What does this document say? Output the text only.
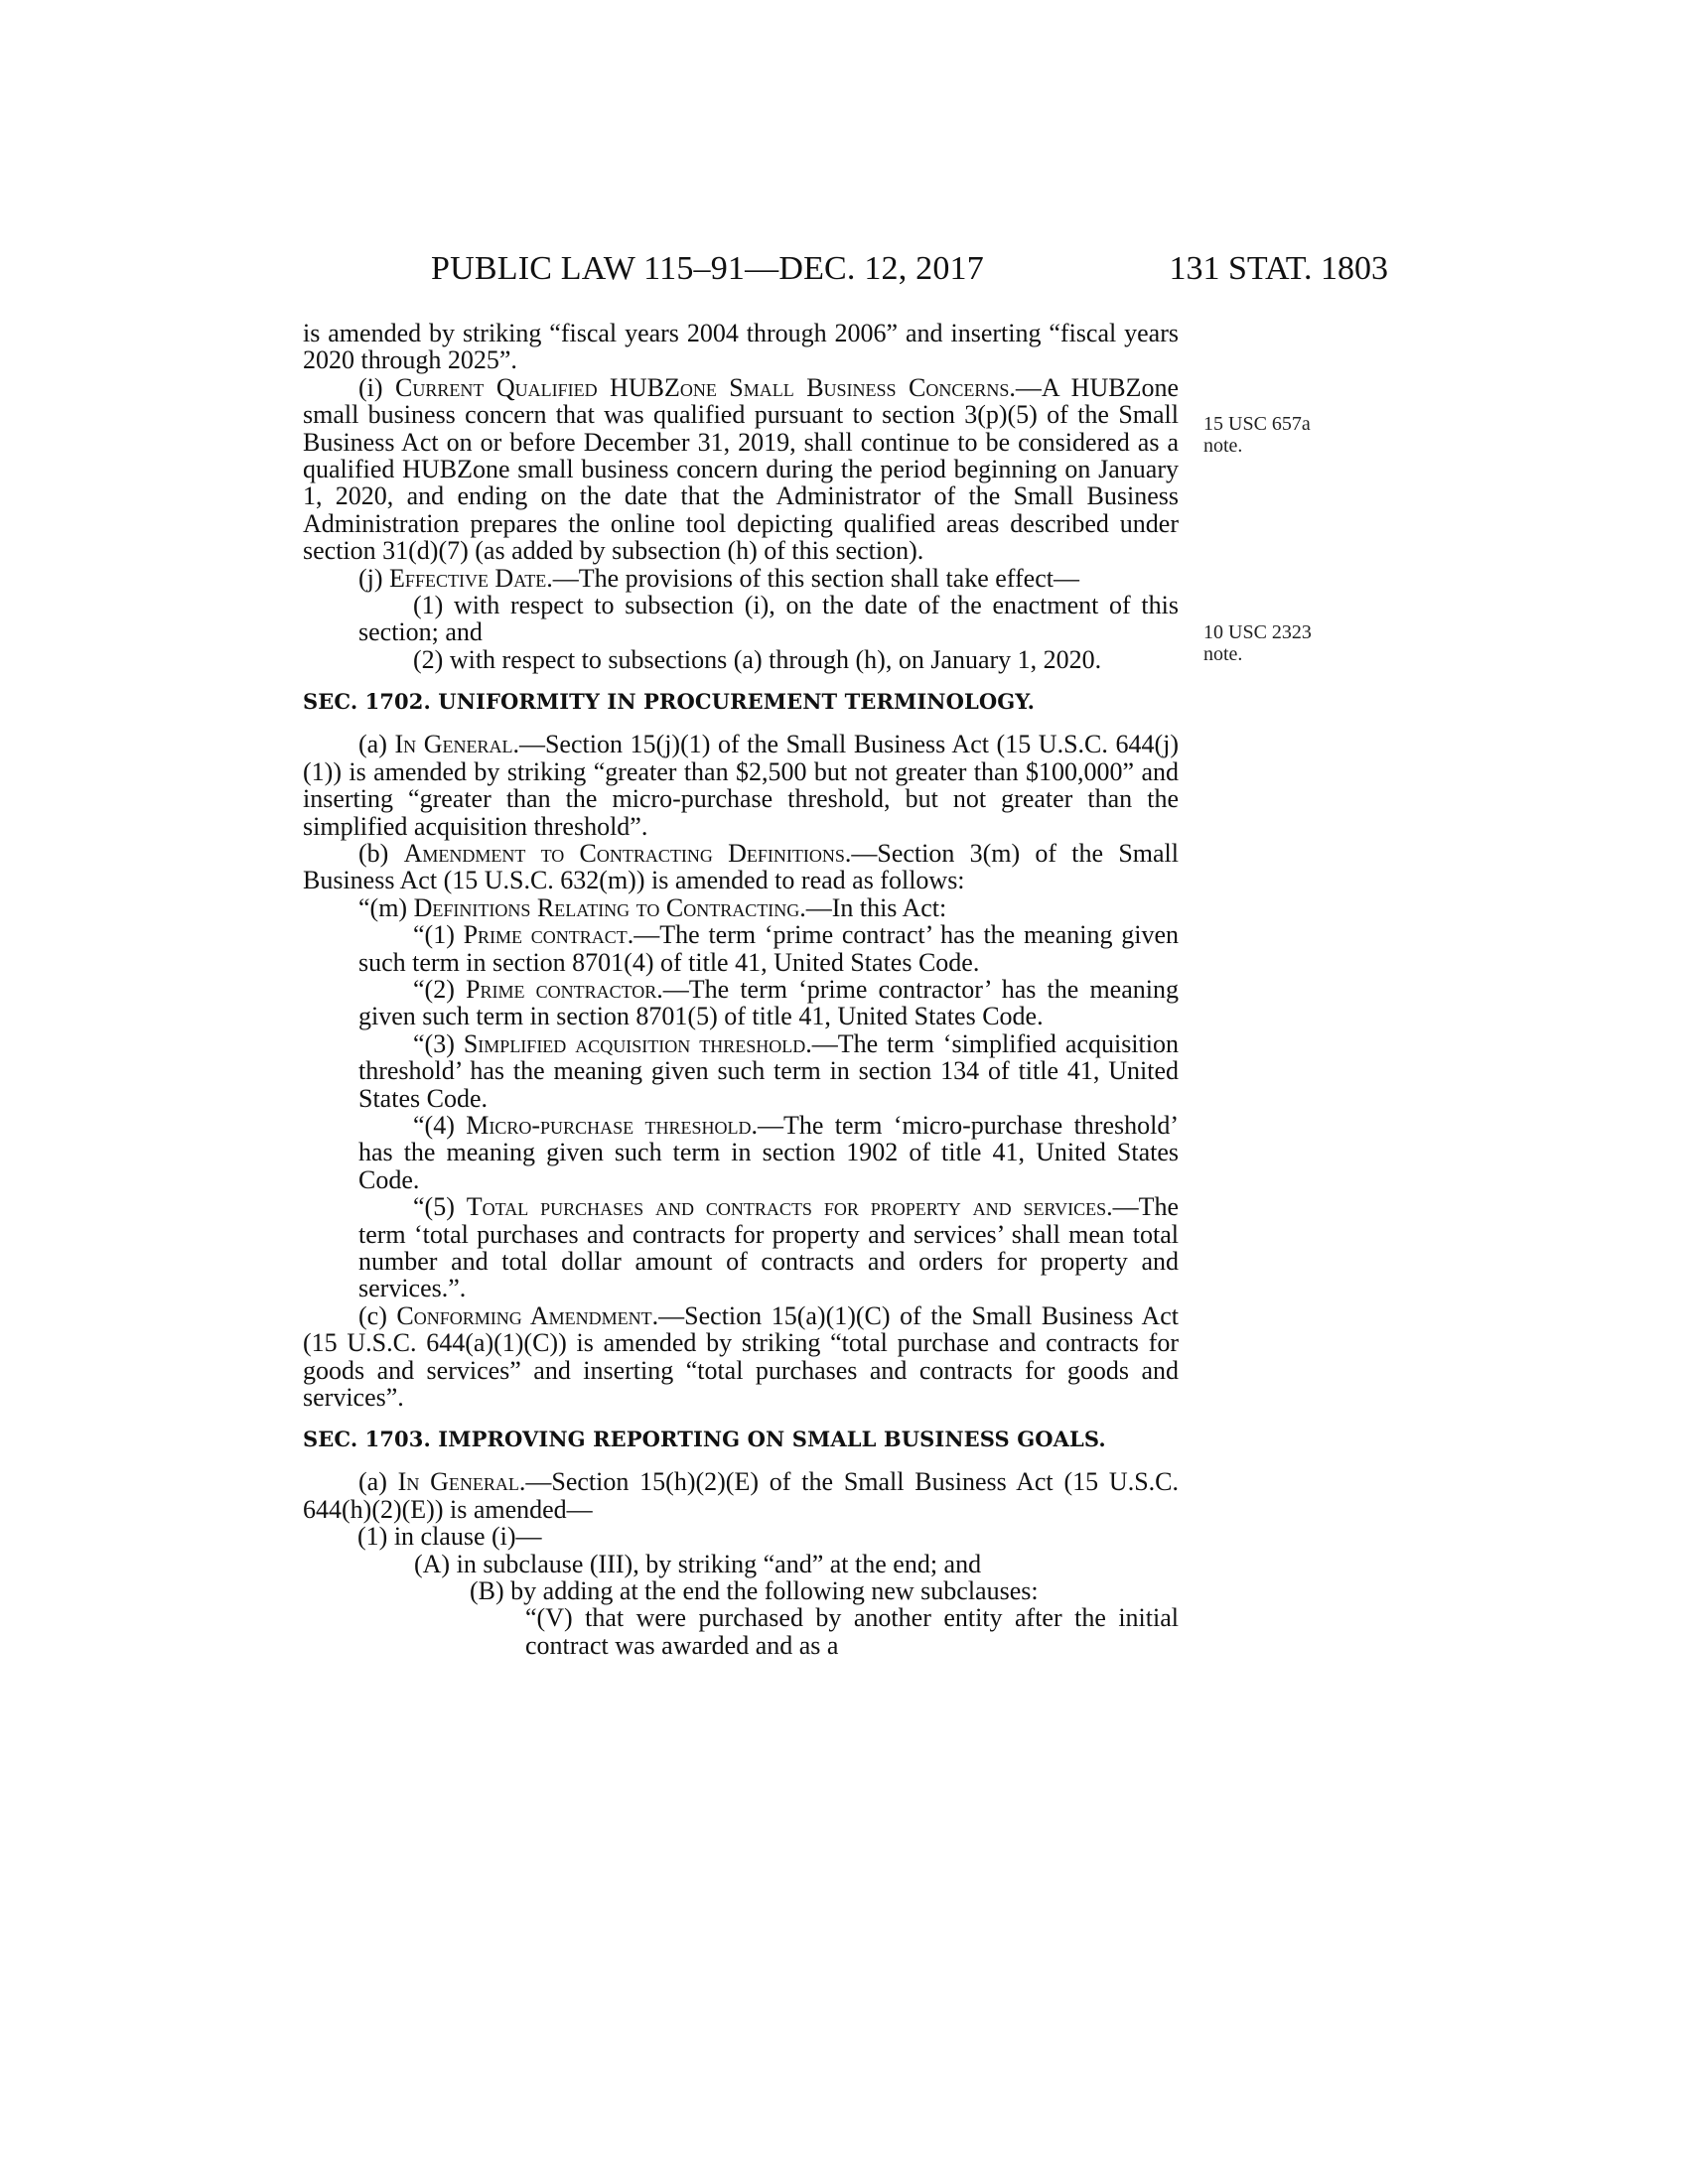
PUBLIC LAW 115–91—DEC. 12, 2017	131 STAT. 1803
15 USC 657a
note.
10 USC 2323
note.

is amended by striking “fiscal years 2004 through 2006” and inserting “fiscal years 2020 through 2025”.

(i) Current Qualified HUBZone Small Business Concerns.—A HUBZone small business concern that was qualified pursuant to section 3(p)(5) of the Small Business Act on or before December 31, 2019, shall continue to be considered as a qualified HUBZone small business concern during the period beginning on January 1, 2020, and ending on the date that the Administrator of the Small Business Administration prepares the online tool depicting qualified areas described under section 31(d)(7) (as added by subsection (h) of this section).

(j) Effective Date.—The provisions of this section shall take effect—

(1) with respect to subsection (i), on the date of the enactment of this section; and

(2) with respect to subsections (a) through (h), on January 1, 2020.

SEC. 1702. UNIFORMITY IN PROCUREMENT TERMINOLOGY.

(a) In General.—Section 15(j)(1) of the Small Business Act (15 U.S.C. 644(j)(1)) is amended by striking “greater than $2,500 but not greater than $100,000” and inserting “greater than the micro-purchase threshold, but not greater than the simplified acquisition threshold”.

(b) Amendment to Contracting Definitions.—Section 3(m) of the Small Business Act (15 U.S.C. 632(m)) is amended to read as follows:

“(m) Definitions Relating to Contracting.—In this Act:

“(1) Prime contract.—The term ‘prime contract’ has the meaning given such term in section 8701(4) of title 41, United States Code.

“(2) Prime contractor.—The term ‘prime contractor’ has the meaning given such term in section 8701(5) of title 41, United States Code.

“(3) Simplified acquisition threshold.—The term ‘simplified acquisition threshold’ has the meaning given such term in section 134 of title 41, United States Code.

“(4) Micro-purchase threshold.—The term ‘micro-purchase threshold’ has the meaning given such term in section 1902 of title 41, United States Code.

“(5) Total purchases and contracts for property and services.—The term ‘total purchases and contracts for property and services’ shall mean total number and total dollar amount of contracts and orders for property and services.”.

(c) Conforming Amendment.—Section 15(a)(1)(C) of the Small Business Act (15 U.S.C. 644(a)(1)(C)) is amended by striking “total purchase and contracts for goods and services” and inserting “total purchases and contracts for goods and services”.

SEC. 1703. IMPROVING REPORTING ON SMALL BUSINESS GOALS.

(a) In General.—Section 15(h)(2)(E) of the Small Business Act (15 U.S.C. 644(h)(2)(E)) is amended—

(1) in clause (i)—

(A) in subclause (III), by striking “and” at the end; and

(B) by adding at the end the following new subclauses:

“(V) that were purchased by another entity after the initial contract was awarded and as a
